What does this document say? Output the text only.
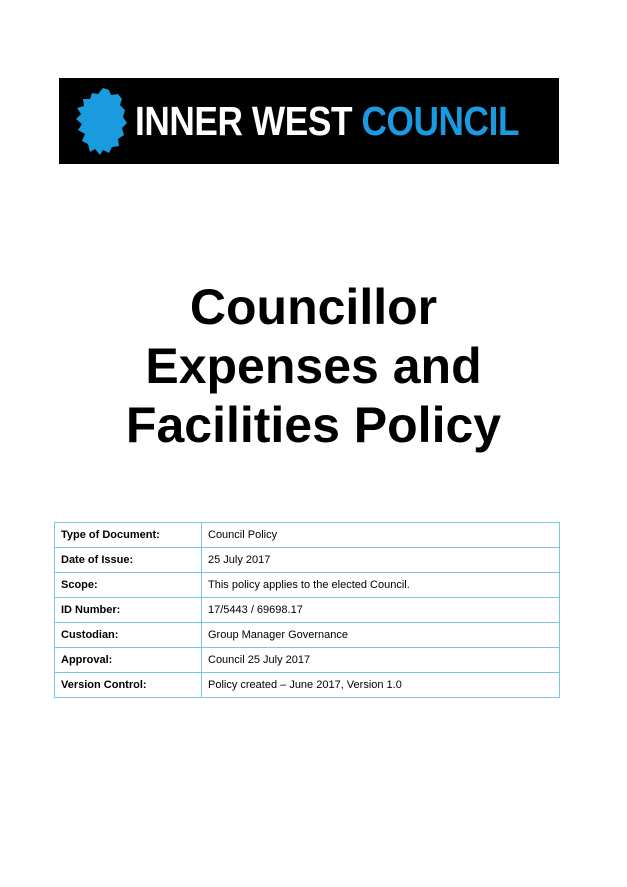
INNER WEST COUNCIL
Councillor
Expenses and
Facilities Policy
Type of Document:	Council Policy
Date of Issue:	25 July 2017
Scope:	This policy applies to the elected Council.
ID Number:	17/5443 / 69698.17
Custodian:	Group Manager Governance
Approval:	Council 25 July 2017
Version Control:	Policy created – June 2017, Version 1.0
